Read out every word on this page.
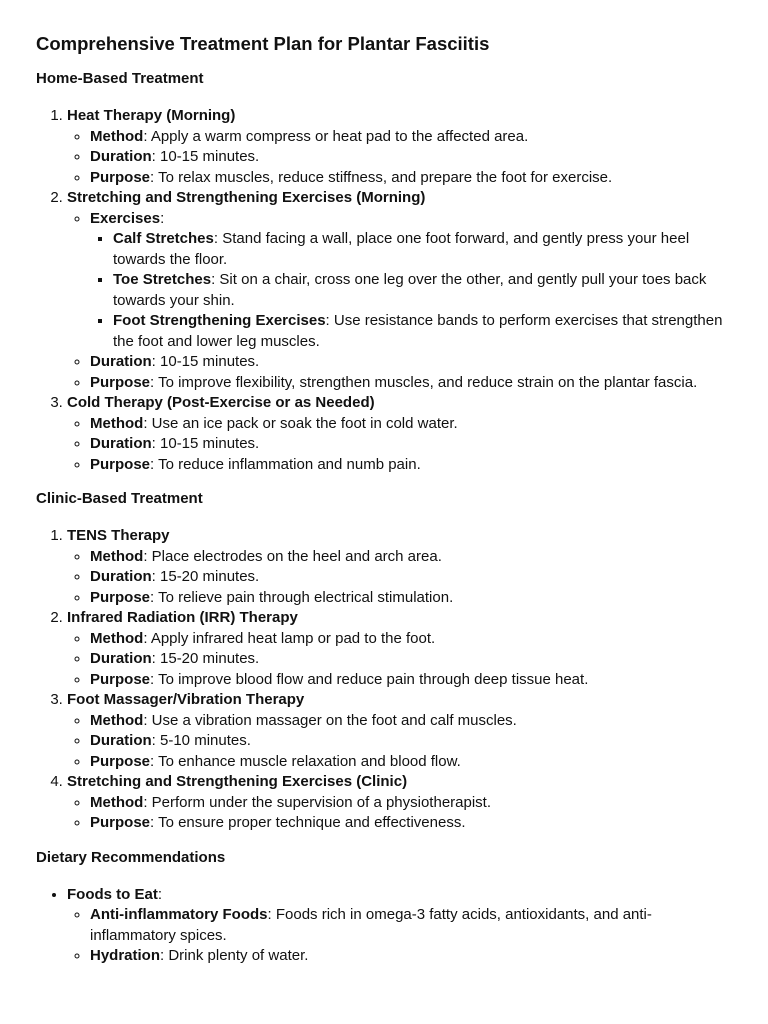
Comprehensive Treatment Plan for Plantar Fasciitis
Home-Based Treatment
1. Heat Therapy (Morning)
◦ Method: Apply a warm compress or heat pad to the affected area.
◦ Duration: 10-15 minutes.
◦ Purpose: To relax muscles, reduce stiffness, and prepare the foot for exercise.
2. Stretching and Strengthening Exercises (Morning)
◦ Exercises:
▪ Calf Stretches: Stand facing a wall, place one foot forward, and gently press your heel towards the floor.
▪ Toe Stretches: Sit on a chair, cross one leg over the other, and gently pull your toes back towards your shin.
▪ Foot Strengthening Exercises: Use resistance bands to perform exercises that strengthen the foot and lower leg muscles.
◦ Duration: 10-15 minutes.
◦ Purpose: To improve flexibility, strengthen muscles, and reduce strain on the plantar fascia.
3. Cold Therapy (Post-Exercise or as Needed)
◦ Method: Use an ice pack or soak the foot in cold water.
◦ Duration: 10-15 minutes.
◦ Purpose: To reduce inflammation and numb pain.
Clinic-Based Treatment
1. TENS Therapy
◦ Method: Place electrodes on the heel and arch area.
◦ Duration: 15-20 minutes.
◦ Purpose: To relieve pain through electrical stimulation.
2. Infrared Radiation (IRR) Therapy
◦ Method: Apply infrared heat lamp or pad to the foot.
◦ Duration: 15-20 minutes.
◦ Purpose: To improve blood flow and reduce pain through deep tissue heat.
3. Foot Massager/Vibration Therapy
◦ Method: Use a vibration massager on the foot and calf muscles.
◦ Duration: 5-10 minutes.
◦ Purpose: To enhance muscle relaxation and blood flow.
4. Stretching and Strengthening Exercises (Clinic)
◦ Method: Perform under the supervision of a physiotherapist.
◦ Purpose: To ensure proper technique and effectiveness.
Dietary Recommendations
• Foods to Eat:
◦ Anti-inflammatory Foods: Foods rich in omega-3 fatty acids, antioxidants, and anti-inflammatory spices.
◦ Hydration: Drink plenty of water.
